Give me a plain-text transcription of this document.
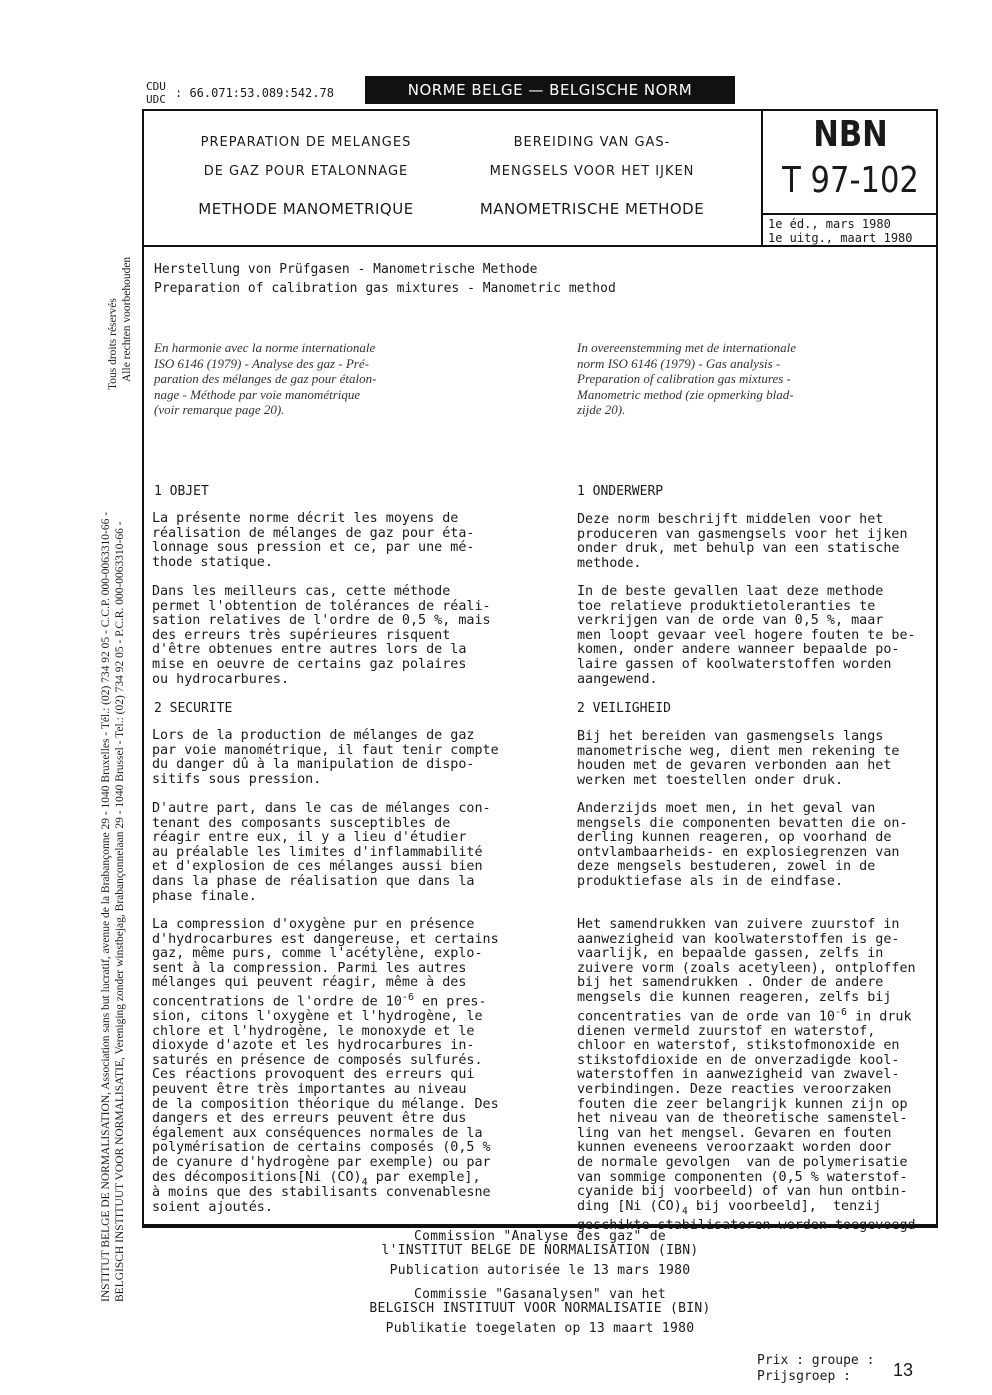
CDU
UDC : 66.071:53.089:542.78	NORME BELGE — BELGISCHE NORM
PREPARATION DE MELANGES
DE GAZ POUR ETALONNAGE
METHODE MANOMETRIQUE
BEREIDING VAN GAS-
MENGSELS VOOR HET IJKEN
MANOMETRISCHE METHODE
NBN
T 97-102
1e éd., mars 1980
1e uitg., maart 1980
Herstellung von Prüfgasen - Manometrische Methode
Preparation of calibration gas mixtures - Manometric method
En harmonie avec la norme internationale
ISO 6146 (1979) - Analyse des gaz - Pré-
paration des mélanges de gaz pour étalon-
nage - Méthode par voie manométrique
(voir remarque page 20).
In overeenstemming met de internationale
norm ISO 6146 (1979) - Gas analysis -
Preparation of calibration gas mixtures -
Manometric method (zie opmerking blad-
zijde 20).
1 OBJET
La présente norme décrit les moyens de
réalisation de mélanges de gaz pour éta-
lonnage sous pression et ce, par une mé-
thode statique.
Dans les meilleurs cas, cette méthode
permet l'obtention de tolérances de réali-
sation relatives de l'ordre de 0,5 %, mais
des erreurs très supérieures risquent
d'être obtenues entre autres lors de la
mise en oeuvre de certains gaz polaires
ou hydrocarbures.
2 SECURITE
Lors de la production de mélanges de gaz
par voie manométrique, il faut tenir compte
du danger dû à la manipulation de dispo-
sitifs sous pression.
D'autre part, dans le cas de mélanges con-
tenant des composants susceptibles de
réagir entre eux, il y a lieu d'étudier
au préalable les limites d'inflammabilité
et d'explosion de ces mélanges aussi bien
dans la phase de réalisation que dans la
phase finale.
La compression d'oxygène pur en présence
d'hydrocarbures est dangereuse, et certains
gaz, même purs, comme l'acétylène, explo-
sent à la compression. Parmi les autres
mélanges qui peuvent réagir, même à des
concentrations de l'ordre de $10^{-6}$ en pres-
sion, citons l'oxygène et l'hydrogène, le
chlore et l'hydrogène, le monoxyde et le
dioxyde d'azote et les hydrocarbures in-
saturés en présence de composés sulfurés.
Ces réactions provoquent des erreurs qui
peuvent être très importantes au niveau
de la composition théorique du mélange. Des
dangers et des erreurs peuvent être dus
également aux conséquences normales de la
polymérisation de certains composés (0,5 %
de cyanure d'hydrogène par exemple) ou par
des décompositions[Ni $(CO)_4$ par exemple],
à moins que des stabilisants convenablesne
soient ajoutés.
1 ONDERWERP
Deze norm beschrijft middelen voor het
produceren van gasmengsels voor het ijken
onder druk, met behulp van een statische
methode.
In de beste gevallen laat deze methode
toe relatieve produktietoleranties te
verkrijgen van de orde van 0,5 %, maar
men loopt gevaar veel hogere fouten te be-
komen, onder andere wanneer bepaalde po-
laire gassen of koolwaterstoffen worden
aangewend.
2 VEILIGHEID
Bij het bereiden van gasmengsels langs
manometrische weg, dient men rekening te
houden met de gevaren verbonden aan het
werken met toestellen onder druk.
Anderzijds moet men, in het geval van
mengsels die componenten bevatten die on-
derling kunnen reageren, op voorhand de
ontvlambaarheids- en explosiegrenzen van
deze mengsels bestuderen, zowel in de
produktiefase als in de eindfase.
Het samendrukken van zuivere zuurstof in
aanwezigheid van koolwaterstoffen is ge-
vaarlijk, en bepaalde gassen, zelfs in
zuivere vorm (zoals acetyleen), ontploffen
bij het samendrukken . Onder de andere
mengsels die kunnen reageren, zelfs bij
concentraties van de orde van $10^{-6}$ in druk
dienen vermeld zuurstof en waterstof,
chloor en waterstof, stikstofmonoxide en
stikstofdioxide en de onverzadigde kool-
waterstoffen in aanwezigheid van zwavel-
verbindingen. Deze reacties veroorzaken
fouten die zeer belangrijk kunnen zijn op
het niveau van de theoretische samenstel-
ling van het mengsel. Gevaren en fouten
kunnen eveneens veroorzaakt worden door
de normale gevolgen  van de polymerisatie
van sommige componenten (0,5 % waterstof-
cyanide bij voorbeeld) of van hun ontbin-
ding [Ni $(CO)_4$ bij voorbeeld],  tenzij
geschikte stabilisatoren werden toegevoegd
Commission "Analyse des gaz" de
l'INSTITUT BELGE DE NORMALISATION (IBN)
Publication autorisée le 13 mars 1980
Commissie "Gasanalysen" van het
BELGISCH INSTITUUT VOOR NORMALISATIE (BIN)
Publikatie toegelaten op 13 maart 1980
Prix : groupe :
Prijsgroep : 13
INSTITUT BELGE DE NORMALISATION, Association sans but lucratif, avenue de la Brabançonne 29 - 1040 Bruxelles - Tél.: (02) 734 92 05 - C.C.P. 000-0063310-66 - BELGISCH INSTITUUT VOOR NORMALISATIE, Vereniging zonder winstbejag, Brabançonnelaan 29 - 1040 Brussel - Tel.: (02) 734 92 05 - P.C.R. 000-0063310-66 -
Tous droits réservés Alle rechten voorbehouden
